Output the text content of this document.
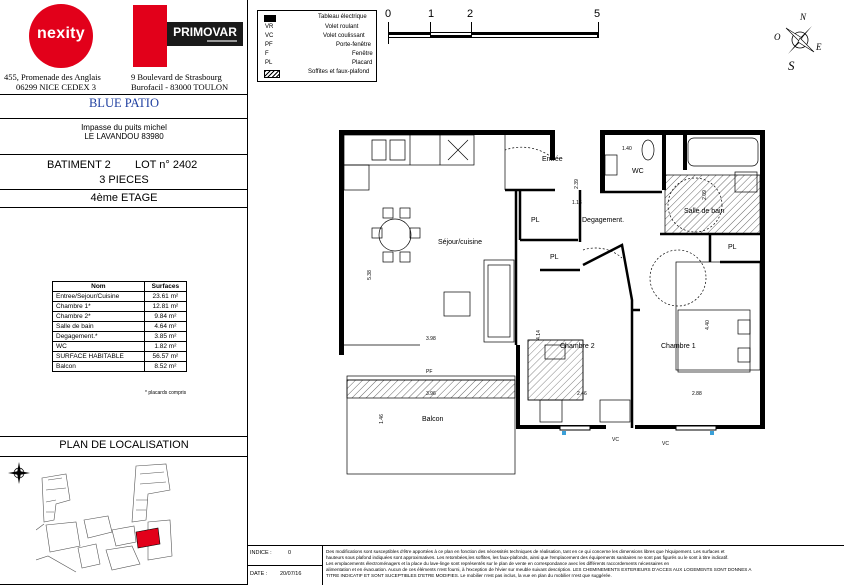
nexity	PRIMOVAR
455, Promenade des Anglais
06299 NICE CEDEX 3
9 Boulevard de Strasbourg
Burofacil - 83000 TOULON
BLUE PATIO
Impasse du puits michel
LE LAVANDOU 83980
BATIMENT 2 LOT n° 2402
3 PIECES
4ème ETAGE
Nom	Surfaces
Entree/Sejour/Cuisine	23.61 m²
Chambre 1*	12.81 m²
Chambre 2*	9.84 m²
Salle de bain	4.64 m²
Degagement.*	3.85 m²
WC	1.82 m²
SURFACE HABITABLE	56.57 m²
Balcon	8.52 m²
* placards compris
PLAN DE LOCALISATION
Tableau électrique
VR	Volet roulant
VC	Volet coulissant
PF	Porte-fenêtre
F	Fenêtre
PL	Placard
Soffites et faux-plafond
0	1	2	5	N
O
E
S
Entrée
WC
Salle de bain
Degagement.
Séjour/cuisine
Chambre 1
Chambre 2
Balcon
PL
PL
PL
PF
VC
VC
1.40
1.16
2.39
2.09
5.38
3.98
3.96
1.46
4.14
2.46	2.88
4.40
INDICE :	0
DATE : 20/07/16
Des modifications sont susceptibles d'être apportées à ce plan en fonction des nécessités techniques de réalisation, tant en ce qui concerne les dimensions libres que l'équipement. Les surfaces et
hauteurs sous plafond indiquées sont approximatives. Les retombées,les soffites, les faux-plafonds, ainsi que l'emplacement des équipements sanitaires ne sont pas figurés ou le sont à titre indicatif.
Les emplacements électroménagers et la place du lave-linge sont représentés sur le plan de vente en correspondance avec les différents raccordements nécessaires en
alimentation et en évacuation. Aucun de ces éléments n'est fourni, à l'exception de l'évier sur meuble suivant description. LES CHEMINEMENTS EXTERIEURS D'ACCES AUX LOGEMENTS SONT DONNES A
TITRE INDICATIF ET SONT SUCEPTIBLES D'ETRE MODIFIES. Le mobilier n'est pas inclus, la vue en plan du mobilier n'est que suggérée.
